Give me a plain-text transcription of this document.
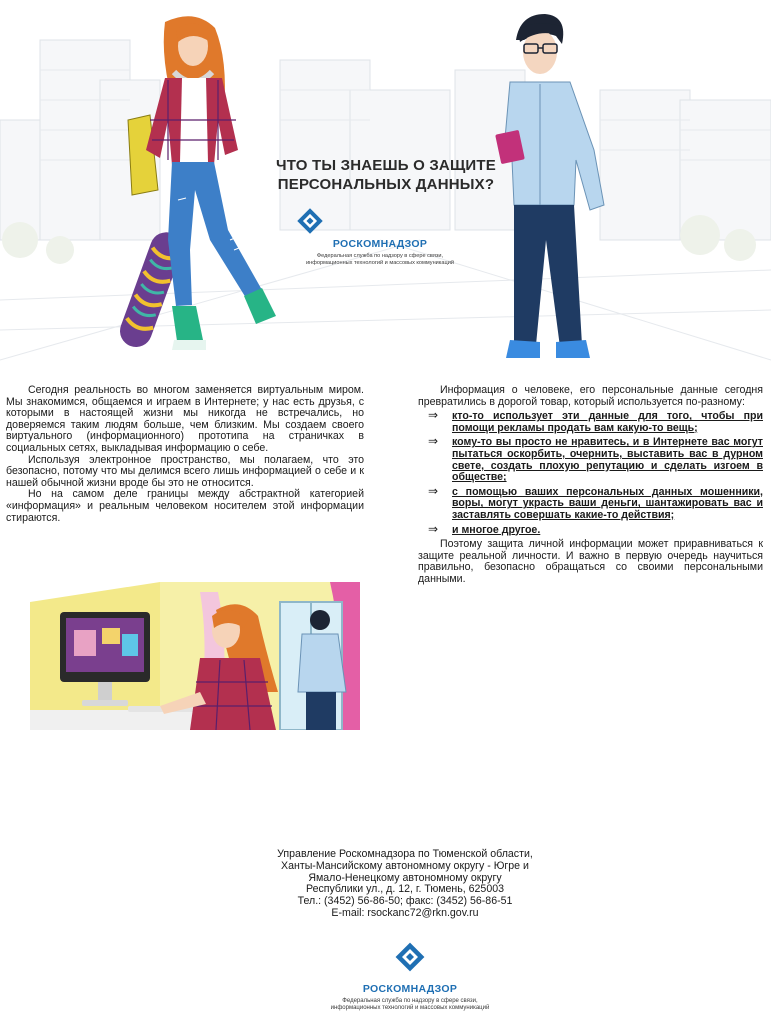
ЧТО ТЫ ЗНАЕШЬ О ЗАЩИТЕ
ПЕРСОНАЛЬНЫХ ДАННЫХ?
РОСКОМНАДЗОР
Федеральная служба по надзору в сфере связи,
информационных технологий и массовых коммуникаций

Сегодня реальность во многом заменяется виртуальным миром. Мы знакомимся, общаемся и играем в Интернете; у нас есть друзья, с которыми в настоящей жизни мы никогда не встречались, но доверяемся таким людям больше, чем близким. Мы создаем своего виртуального (информационного) прототипа на страничках в социальных сетях, выкладывая информацию о себе.

Используя электронное пространство, мы полагаем, что это безопасно, потому что мы делимся всего лишь информацией о себе и к нашей обычной жизни вроде бы это не относится.

Но на самом деле границы между абстрактной категорией «информация» и реальным человеком носителем этой информации стираются.

Информация о человеке, его персональные данные сегодня превратились в дорогой товар, который используется по-разному:

⇒ кто-то использует эти данные для того, чтобы при помощи рекламы продать вам какую-то вещь;
⇒ кому-то вы просто не нравитесь, и в Интернете вас могут пытаться оскорбить, очернить, выставить вас в дурном свете, создать плохую репутацию и сделать изгоем в обществе;
⇒ с помощью ваших персональных данных мошенники, воры, могут украсть ваши деньги, шантажировать вас и заставлять совершать какие-то действия;
⇒ и многое другое.

Поэтому защита личной информации может приравниваться к защите реальной личности. И важно в первую очередь научиться правильно, безопасно обращаться со своими персональными данными.

Управление Роскомнадзора по Тюменской области,
Ханты-Мансийскому автономному округу - Югре и
Ямало-Ненецкому автономному округу
Республики ул., д. 12, г. Тюмень, 625003
Тел.: (3452) 56-86-50; факс: (3452) 56-86-51
E-mail: rsockanc72@rkn.gov.ru
РОСКОМНАДЗОР
Федеральная служба по надзору в сфере связи,
информационных технологий и массовых коммуникаций
